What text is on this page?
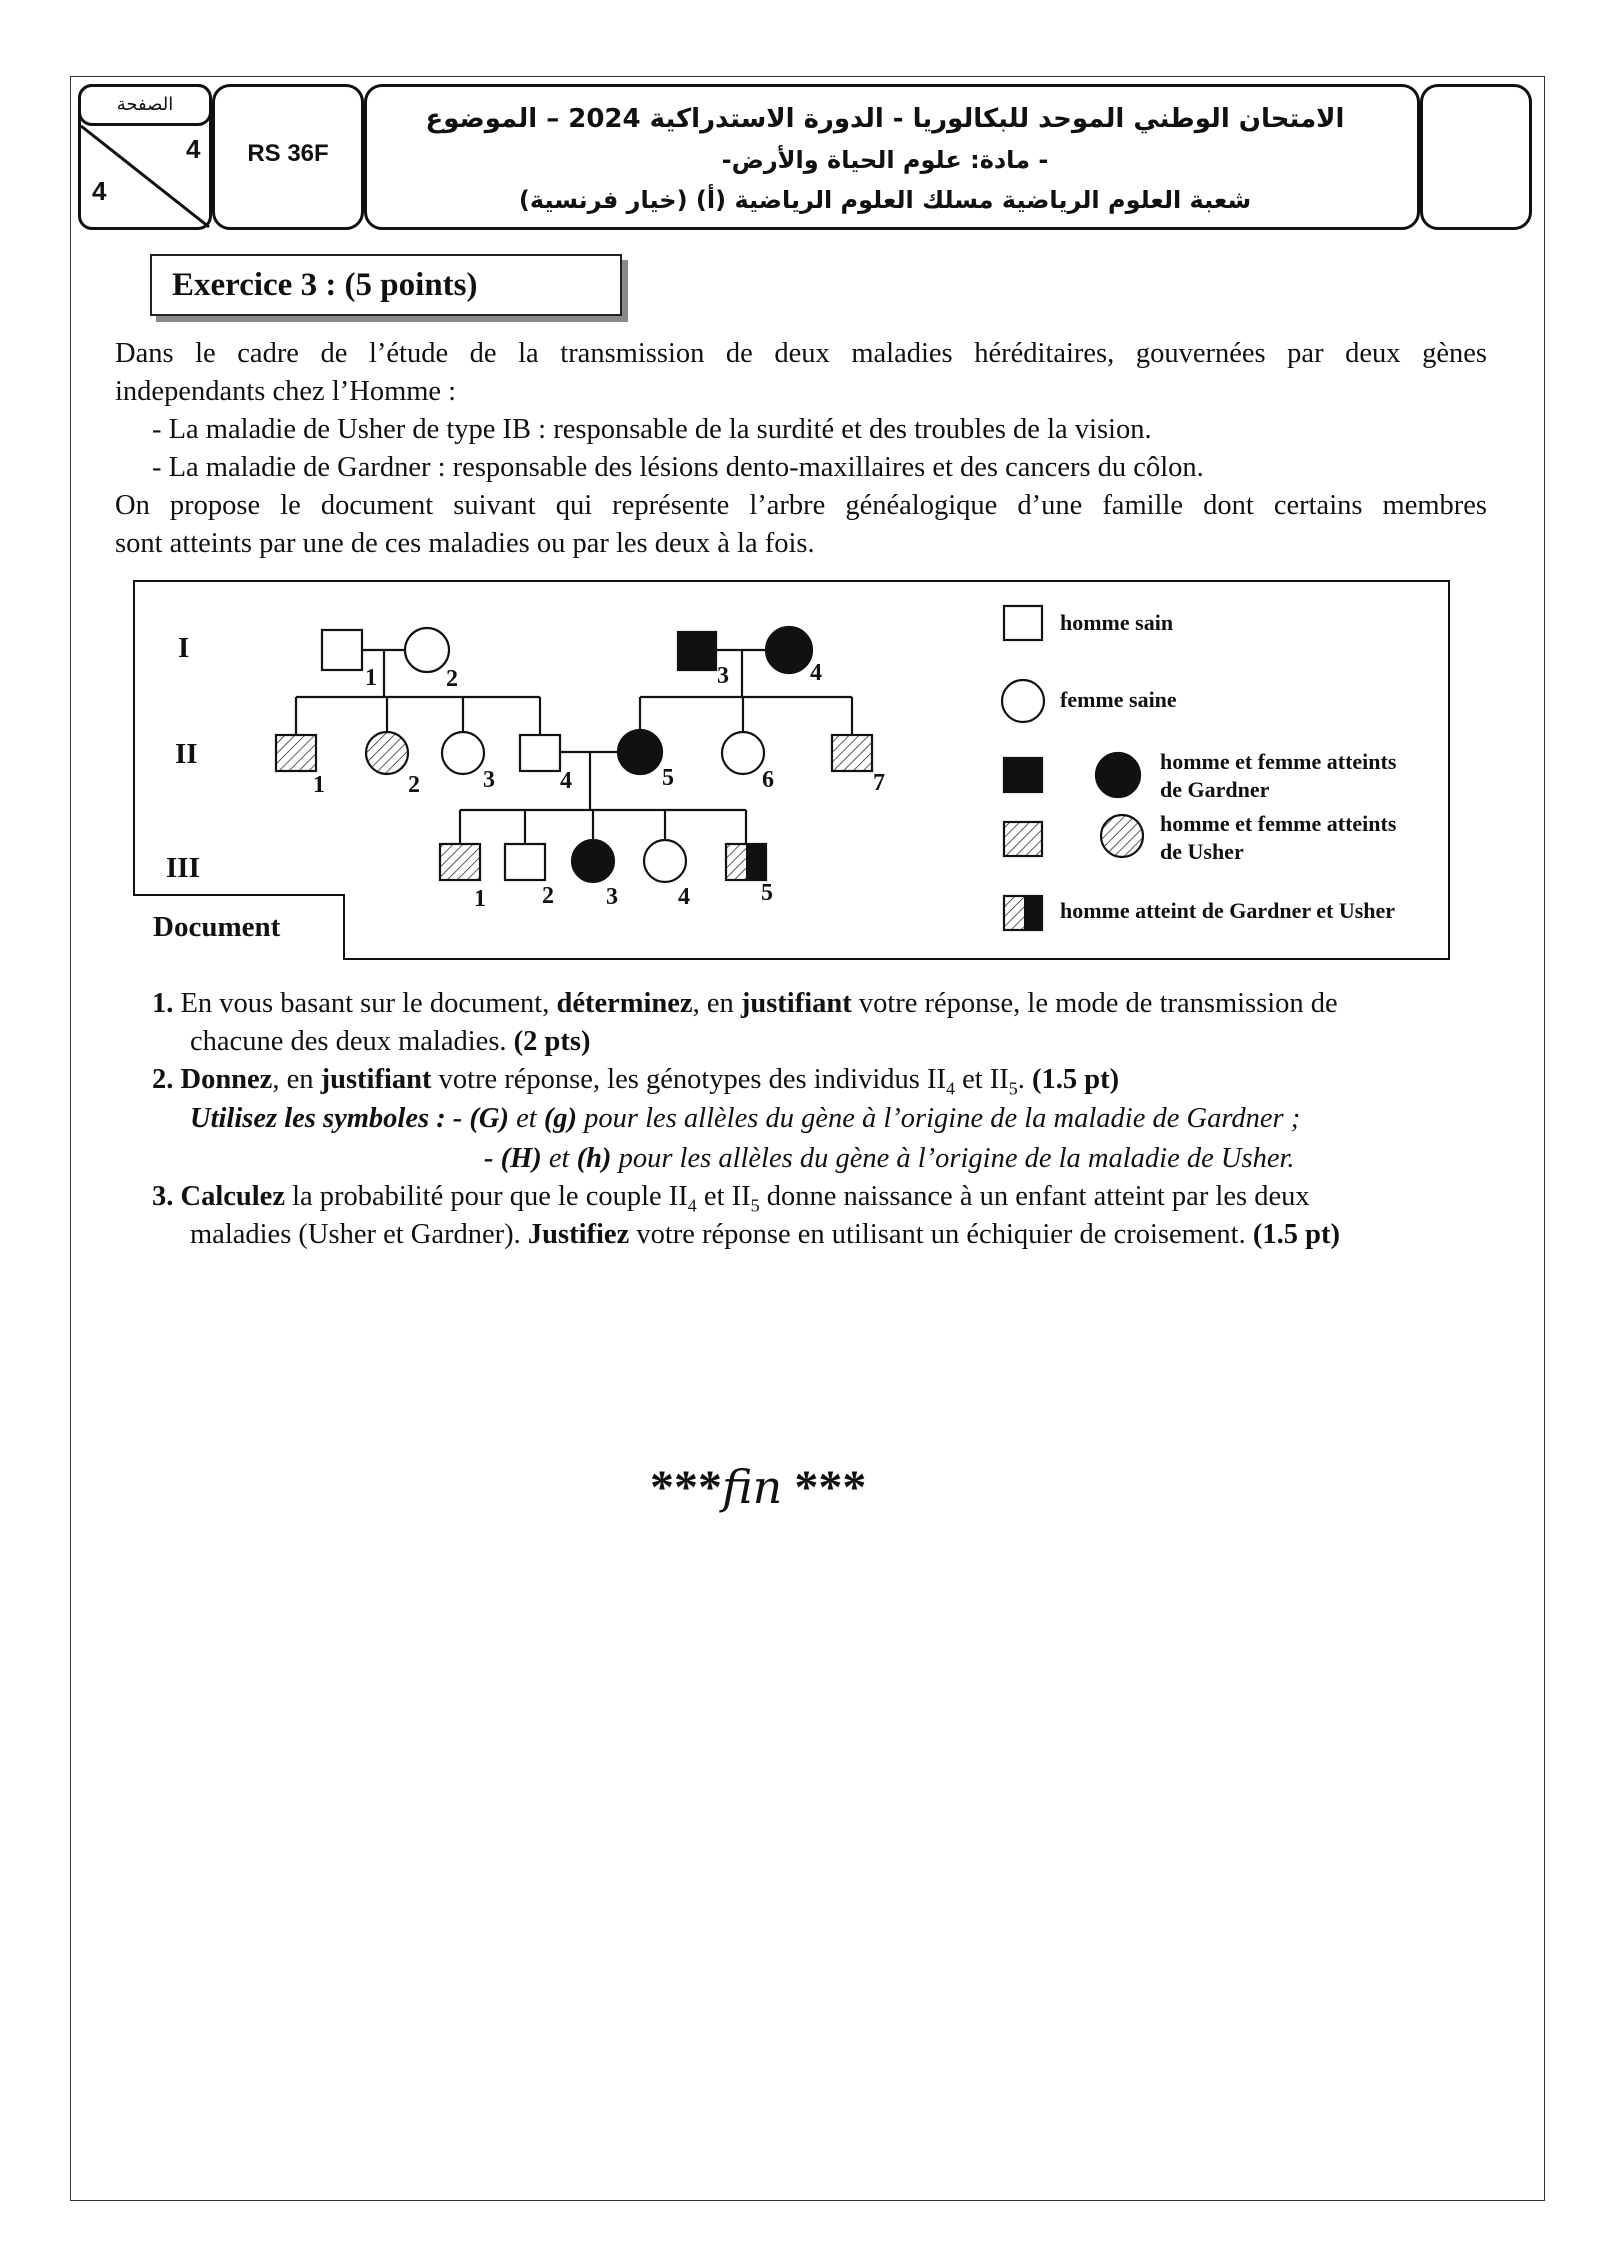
الصفحة
4
4
RS 36F
الامتحان الوطني الموحد للبكالوريا - الدورة الاستدراكية 2024 – الموضوع
- مادة: علوم الحياة والأرض-
شعبة العلوم الرياضية مسلك العلوم الرياضية (أ) (خيار فرنسية)
Exercice 3 : (5 points)
Dans le cadre de l’étude de la transmission de deux maladies héréditaires, gouvernées par deux gènes
independants chez l’Homme :
- La maladie de Usher de type IB : responsable de la surdité et des troubles de la vision.
- La maladie de Gardner : responsable des lésions dento-maxillaires et des cancers du côlon.
On propose le document suivant qui représente l’arbre généalogique d’une famille dont certains membres
sont atteints par une de ces maladies ou par les deux à la fois.
I
II
III
1	2	3	4
1	2	3	4	5	6	7
1 2 3	4	5
homme sain
femme saine
homme et femme atteints
de Gardner
homme et femme atteints
de Usher
homme atteint de Gardner et Usher
Document
1. En vous basant sur le document, déterminez, en justifiant votre réponse, le mode de transmission de
chacune des deux maladies. (2 pts)
2. Donnez, en justifiant votre réponse, les génotypes des individus $II_4$ et $II_5$. (1.5 pt)
Utilisez les symboles : - (G) et (g) pour les allèles du gène à l’origine de la maladie de Gardner ;
- (H) et (h) pour les allèles du gène à l’origine de la maladie de Usher.
3. Calculez la probabilité pour que le couple $II_4$ et $II_5$ donne naissance à un enfant atteint par les deux
maladies (Usher et Gardner). Justifiez votre réponse en utilisant un échiquier de croisement. (1.5 pt)
***fin ***
